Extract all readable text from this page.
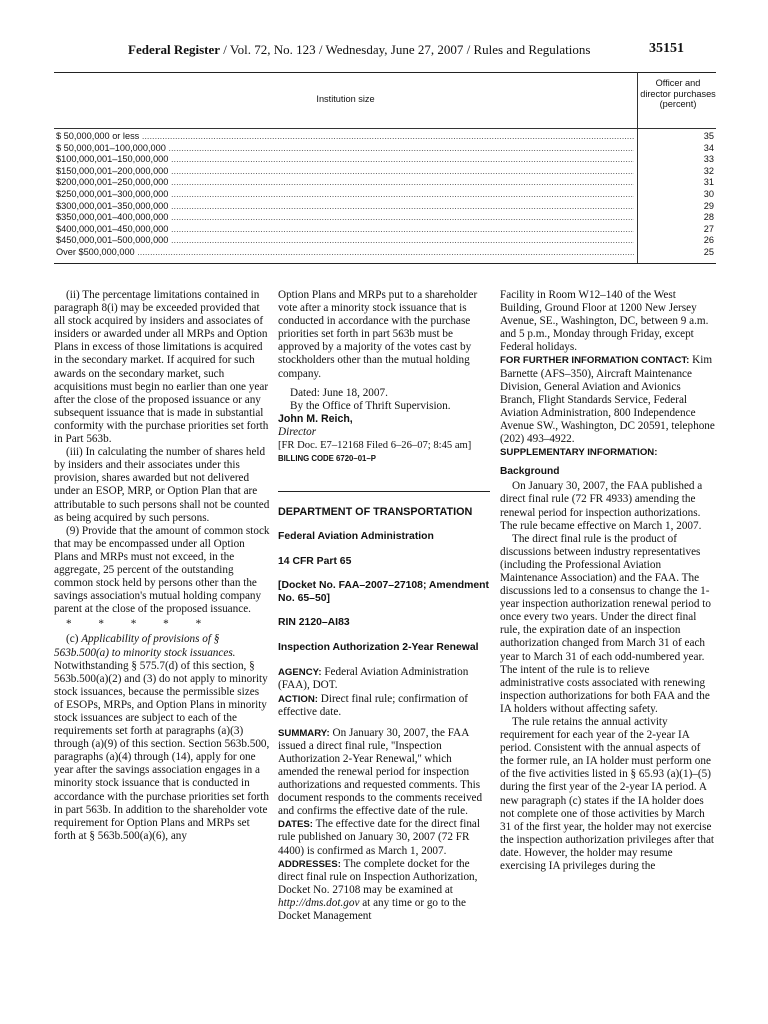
Federal Register / Vol. 72, No. 123 / Wednesday, June 27, 2007 / Rules and Regulations	35151
Institution size
Officer and director purchases (percent)
$ 50,000,000 or less .....	35
$ 50,000,001–100,000,000 .....	34
$100,000,001–150,000,000 .....	33
$150,000,001–200,000,000 .....	32
$200,000,001–250,000,000 .....	31
$250,000,001–300,000,000 .....	30
$300,000,001–350,000,000 .....	29
$350,000,001–400,000,000 .....	28
$400,000,001–450,000,000 .....	27
$450,000,001–500,000,000 .....	26
Over $500,000,000 .....	25

(ii) The percentage limitations contained in paragraph 8(i) may be exceeded provided that all stock acquired by insiders and associates of insiders or awarded under all MRPs and Option Plans in excess of those limitations is acquired in the secondary market. If acquired for such awards on the secondary market, such acquisitions must begin no earlier than one year after the close of the proposed issuance or any subsequent issuance that is made in substantial conformity with the purchase priorities set forth in Part 563b.

(iii) In calculating the number of shares held by insiders and their associates under this provision, shares awarded but not delivered under an ESOP, MRP, or Option Plan that are attributable to such persons shall not be counted as being acquired by such persons.

(9) Provide that the amount of common stock that may be encompassed under all Option Plans and MRPs must not exceed, in the aggregate, 25 percent of the outstanding common stock held by persons other than the savings association's mutual holding company parent at the close of the proposed issuance.

* * * * *

(c) Applicability of provisions of § 563b.500(a) to minority stock issuances. Notwithstanding § 575.7(d) of this section, § 563b.500(a)(2) and (3) do not apply to minority stock issuances, because the permissible sizes of ESOPs, MRPs, and Option Plans in minority stock issuances are subject to each of the requirements set forth at paragraphs (a)(3) through (a)(9) of this section. Section 563b.500, paragraphs (a)(4) through (14), apply for one year after the savings association engages in a minority stock issuance that is conducted in accordance with the purchase priorities set forth in part 563b. In addition to the shareholder vote requirement for Option Plans and MRPs set forth at § 563b.500(a)(6), any

Option Plans and MRPs put to a shareholder vote after a minority stock issuance that is conducted in accordance with the purchase priorities set forth in part 563b must be approved by a majority of the votes cast by stockholders other than the mutual holding company.

Dated: June 18, 2007.

By the Office of Thrift Supervision.

John M. Reich,

Director

[FR Doc. E7–12168 Filed 6–26–07; 8:45 am]

BILLING CODE 6720–01–P

DEPARTMENT OF TRANSPORTATION

Federal Aviation Administration

14 CFR Part 65

[Docket No. FAA–2007–27108; Amendment No. 65–50]

RIN 2120–AI83

Inspection Authorization 2-Year Renewal

AGENCY: Federal Aviation Administration (FAA), DOT.

ACTION: Direct final rule; confirmation of effective date.

SUMMARY: On January 30, 2007, the FAA issued a direct final rule, ''Inspection Authorization 2-Year Renewal,'' which amended the renewal period for inspection authorizations and requested comments. This document responds to the comments received and confirms the effective date of the rule.

DATES: The effective date for the direct final rule published on January 30, 2007 (72 FR 4400) is confirmed as March 1, 2007.

ADDRESSES: The complete docket for the direct final rule on Inspection Authorization, Docket No. 27108 may be examined at http://dms.dot.gov at any time or go to the Docket Management

Facility in Room W12–140 of the West Building, Ground Floor at 1200 New Jersey Avenue, SE., Washington, DC, between 9 a.m. and 5 p.m., Monday through Friday, except Federal holidays.

FOR FURTHER INFORMATION CONTACT: Kim Barnette (AFS–350), Aircraft Maintenance Division, General Aviation and Avionics Branch, Flight Standards Service, Federal Aviation Administration, 800 Independence Avenue SW., Washington, DC 20591, telephone (202) 493–4922.

SUPPLEMENTARY INFORMATION:

Background

On January 30, 2007, the FAA published a direct final rule (72 FR 4933) amending the renewal period for inspection authorizations. The rule became effective on March 1, 2007.

The direct final rule is the product of discussions between industry representatives (including the Professional Aviation Maintenance Association) and the FAA. The discussions led to a consensus to change the 1-year inspection authorization renewal period to once every two years. Under the direct final rule, the expiration date of an inspection authorization changed from March 31 of each year to March 31 of each odd-numbered year. The intent of the rule is to relieve administrative costs associated with renewing inspection authorizations for both FAA and the IA holders without affecting safety.

The rule retains the annual activity requirement for each year of the 2-year IA period. Consistent with the annual aspects of the former rule, an IA holder must perform one of the five activities listed in § 65.93 (a)(1)–(5) during the first year of the 2-year IA period. A new paragraph (c) states if the IA holder does not complete one of those activities by March 31 of the first year, the holder may not exercise the inspection authorization privileges after that date. However, the holder may resume exercising IA privileges during the
